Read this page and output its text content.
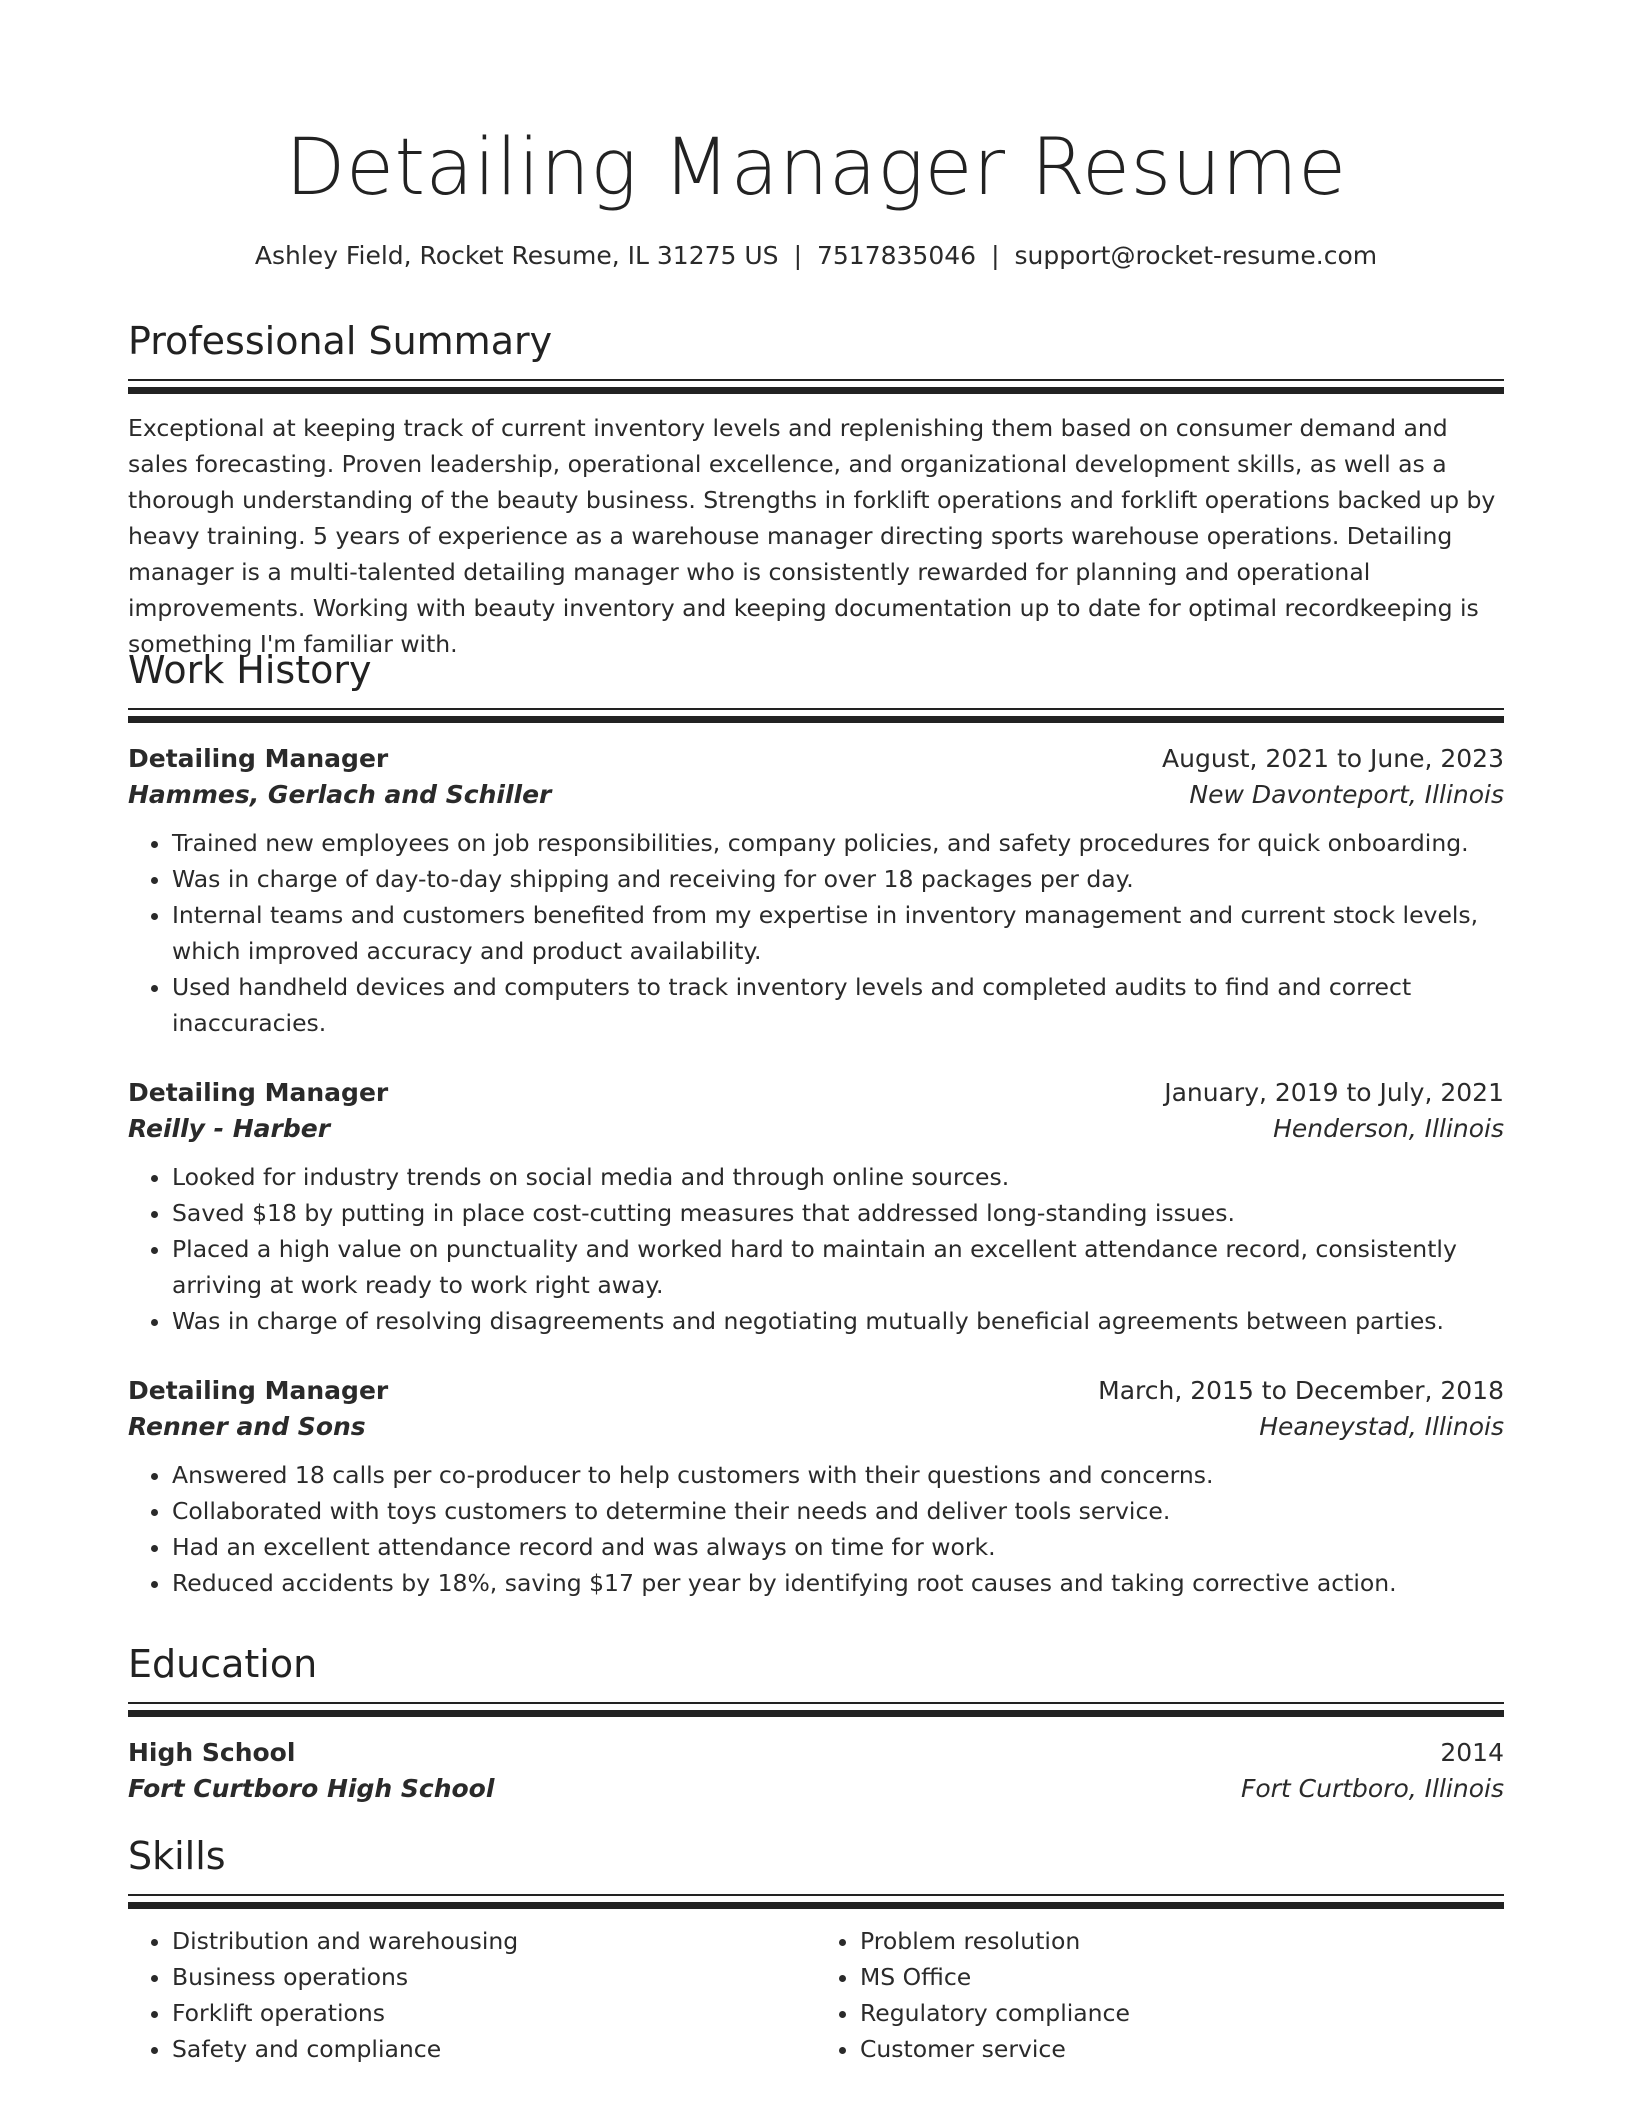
Detailing Manager Resume
Ashley Field, Rocket Resume, IL 31275 US | 7517835046 | support@rocket-resume.com
Professional Summary
Exceptional at keeping track of current inventory levels and replenishing them based on consumer demand and sales forecasting. Proven leadership, operational excellence, and organizational development skills, as well as a thorough understanding of the beauty business. Strengths in forklift operations and forklift operations backed up by heavy training. 5 years of experience as a warehouse manager directing sports warehouse operations. Detailing manager is a multi-talented detailing manager who is consistently rewarded for planning and operational improvements. Working with beauty inventory and keeping documentation up to date for optimal recordkeeping is something I'm familiar with.
Work History
Detailing Manager	August, 2021 to June, 2023
Hammes, Gerlach and Schiller	New Davonteport, Illinois
• Trained new employees on job responsibilities, company policies, and safety procedures for quick onboarding.
• Was in charge of day-to-day shipping and receiving for over 18 packages per day.
• Internal teams and customers benefited from my expertise in inventory management and current stock levels, which improved accuracy and product availability.
• Used handheld devices and computers to track inventory levels and completed audits to find and correct inaccuracies.
Detailing Manager	January, 2019 to July, 2021
Reilly - Harber	Henderson, Illinois
• Looked for industry trends on social media and through online sources.
• Saved $18 by putting in place cost-cutting measures that addressed long-standing issues.
• Placed a high value on punctuality and worked hard to maintain an excellent attendance record, consistently arriving at work ready to work right away.
• Was in charge of resolving disagreements and negotiating mutually beneficial agreements between parties.
Detailing Manager	March, 2015 to December, 2018
Renner and Sons	Heaneystad, Illinois
• Answered 18 calls per co-producer to help customers with their questions and concerns.
• Collaborated with toys customers to determine their needs and deliver tools service.
• Had an excellent attendance record and was always on time for work.
• Reduced accidents by 18%, saving $17 per year by identifying root causes and taking corrective action.
Education
High School	2014
Fort Curtboro High School	Fort Curtboro, Illinois
Skills
• Distribution and warehousing
• Business operations
• Forklift operations
• Safety and compliance
• Problem resolution
• MS Office
• Regulatory compliance
• Customer service
